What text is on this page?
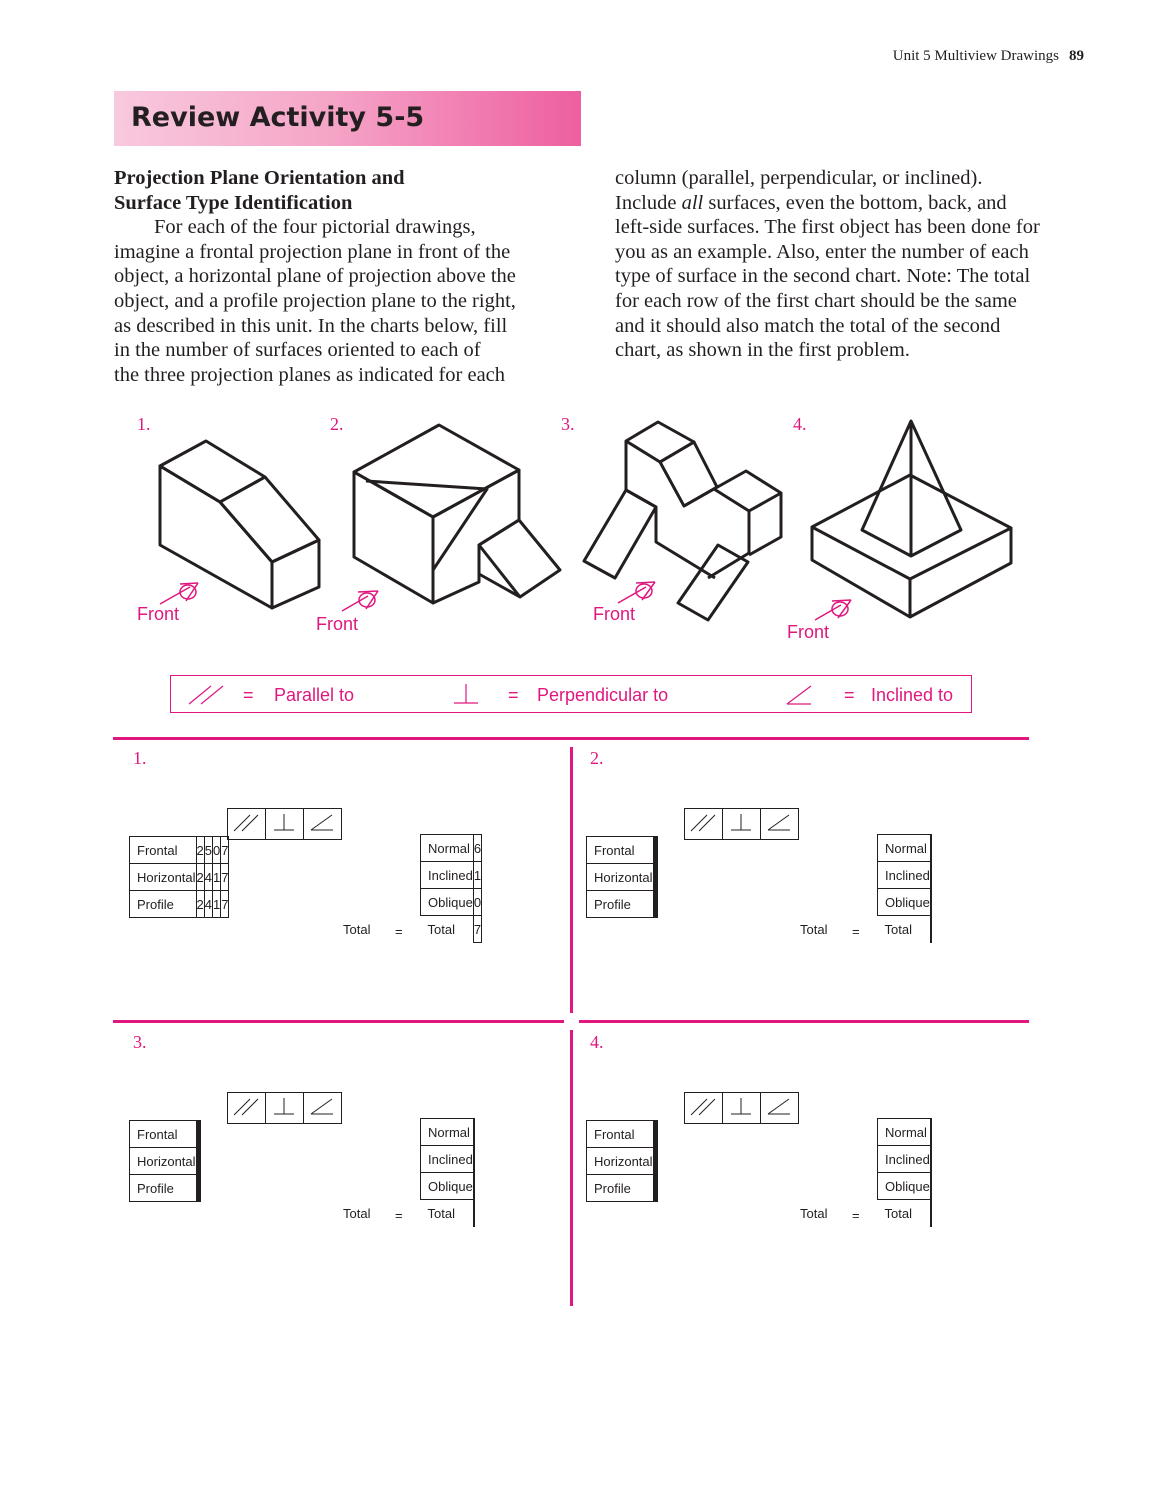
Unit 5 Multiview Drawings 89
Review Activity 5-5

Projection Plane Orientation and

Surface Type Identification

For each of the four pictorial drawings,

imagine a frontal projection plane in front of the

object, a horizontal plane of projection above the

object, and a profile projection plane to the right,

as described in this unit. In the charts below, fill

in the number of surfaces oriented to each of

the three projection planes as indicated for each

column (parallel, perpendicular, or inclined).

Include all surfaces, even the bottom, back, and

left-side surfaces. The first object has been done for

you as an example. Also, enter the number of each

type of surface in the second chart. Note: The total

for each row of the first chart should be the same

and it should also match the total of the second

chart, as shown in the first problem.

1.	2.	3.	4.
Front	Front	Front
Front
= Parallel to	= Perpendicular to	= Inclined to
1.

Frontal	2	5	0	7
Horizontal	2	4	1	7
Profile	2	4	1	7
Total =
Normal	6
Inclined	1
Oblique	0
Total	7
2.

Frontal				
Horizontal				
Profile				
Total =
Normal	
Inclined	
Oblique	
Total	
3.

Frontal				
Horizontal				
Profile				
Total =
Normal	
Inclined	
Oblique	
Total	
4.

Frontal				
Horizontal				
Profile				
Total =
Normal	
Inclined	
Oblique	
Total	
